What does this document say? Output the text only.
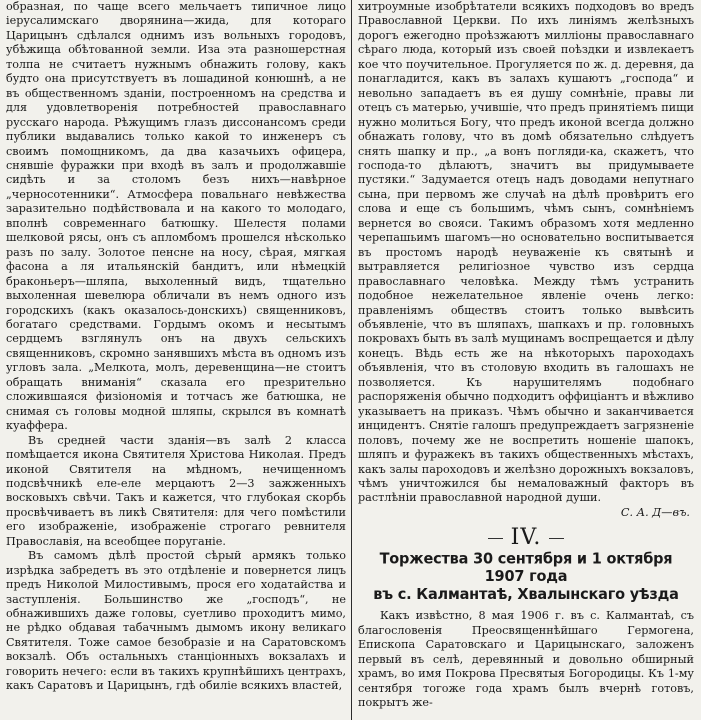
образная, по чаще всего мельчаетъ типичное лицо іерусалимскаго дворянина—жида, для котораго Царицынъ сдѣлался однимъ изъ вольныхъ городовъ, убѣжища обѣтованной земли. Иза эта разношерстная толпа не считаетъ нужнымъ обнажить голову, какъ будто она присутствуетъ въ лошадиной конюшнѣ, а не въ общественномъ зданіи, построенномъ на средства и для удовлетворенія потребностей православнаго русскаго народа. Рѣжущимъ глазъ диссонансомъ среди публики выдавались только какой то инженеръ съ своимъ помощникомъ, да два казачьихъ офицера, снявшіе фуражки при входѣ въ залъ и продолжавшіе сидѣть и за столомъ безъ нихъ—навѣрное „черносотенники“. Атмосфера повальнаго невѣжества заразительно подѣйствовала и на какого то молодаго, вполнѣ современнаго батюшку. Шелестя полами шелковой рясы, онъ съ апломбомъ прошелся нѣсколько разъ по залу. Золотое пенсне на носу, сѣрая, мягкая фасона а ля итальянскій бандитъ, или нѣмецкій браконьеръ—шляпа, выхоленный видъ, тщательно выхоленная шевелюра обличали въ немъ одного изъ городскихъ (какъ оказалось-донскихъ) священниковъ, богатаго средствами. Гордымъ окомъ и несытымъ сердцемъ взглянулъ онъ на двухъ сельскихъ священниковъ, скромно занявшихъ мѣста въ одномъ изъ угловъ зала. „Мелкота, молъ, деревенщина—не стоитъ обращать вниманія“ сказала его презрительно сложившаяся физіономія и тотчасъ же батюшка, не снимая съ головы модной шляпы, скрылся въ комнатѣ куаффера.

Въ средней части зданія—въ залѣ 2 класса помѣщается икона Святителя Христова Николая. Предъ иконой Святителя на мѣдномъ, нечищенномъ подсвѣчникѣ еле-еле мерцаютъ 2—3 зажженныхъ восковыхъ свѣчи. Такъ и кажется, что глубокая скорбь просвѣчиваетъ въ ликѣ Святителя: для чего помѣстили его изображеніе, изображеніе строгаго ревнителя Православія, на всеобщее поруганіе.

Въ самомъ дѣлѣ простой сѣрый армякъ только изрѣдка забредетъ въ это отдѣленіе и повернется лицъ предъ Николой Милостивымъ, прося его ходатайства и заступленія. Большинство же „господъ“, не обнажившихъ даже головы, суетливо проходитъ мимо, не рѣдко обдавая табачнымъ дымомъ икону великаго Святителя. Тоже самое безобразіе и на Саратовскомъ вокзалѣ. Объ остальныхъ станціонныхъ вокзалахъ и говорить нечего: если въ такихъ крупнѣйшихъ центрахъ, какъ Саратовъ и Царицынъ, гдѣ обиліе всякихъ властей,

хитроумные изобрѣтатели всякихъ подходовъ во вредъ Православной Церкви. По ихъ линіямъ желѣзныхъ дорогъ ежегодно проѣзжаютъ милліоны православнаго сѣраго люда, который изъ своей поѣздки и извлекаетъ кое что поучительное. Прогуляется по ж. д. деревня, да понагладится, какъ въ залахъ кушаютъ „господа“ и невольно западаетъ въ ея душу сомнѣніе, правы ли отецъ съ матерью, учившіе, что предъ принятіемъ пищи нужно молиться Богу, что предъ иконой всегда должно обнажать голову, что въ домѣ обязательно слѣдуетъ снять шапку и пр., „а вонъ погляди-ка, скажетъ, что господа-то дѣлаютъ, значитъ вы придумываете пустяки.“ Задумается отецъ надъ доводами непутнаго сына, при первомъ же случаѣ на дѣлѣ провѣритъ его слова и еще съ большимъ, чѣмъ сынъ, сомнѣніемъ вернется во свояси. Такимъ образомъ хотя медленно черепашьимъ шагомъ—но основательно воспитывается въ простомъ народѣ неуваженіе къ святынѣ и вытравляется религіозное чувство изъ сердца православнаго человѣка. Между тѣмъ устранить подобное нежелательное явленіе очень легко: правленіямъ обществъ стоитъ только вывѣсить объявленіе, что въ шляпахъ, шапкахъ и пр. головныхъ покровахъ быть въ залѣ мущинамъ воспрещается и дѣлу конецъ. Вѣдь есть же на нѣкоторыхъ пароходахъ объявленія, что въ столовую входить въ галошахъ не позволяется. Къ нарушителямъ подобнаго распоряженія обычно подходитъ оффиціантъ и вѣжливо указываетъ на приказъ. Чѣмъ обычно и заканчивается инцидентъ. Снятіе галошъ предупреждаетъ загрязненіе половъ, почему же не воспретить ношеніе шапокъ, шляпъ и фуражекъ въ такихъ общественныхъ мѣстахъ, какъ залы пароходовъ и желѣзно дорожныхъ вокзаловъ, чѣмъ уничтожился бы немаловажный факторъ въ растлѣніи православной народной души.

С. А. Д—въ.

IV.
Торжества 30 сентября и 1 октября 1907 года
въ с. Калмантаѣ, Хвалынскаго уѣзда

Какъ извѣстно, 8 мая 1906 г. въ с. Калмантаѣ, съ благословенія Преосвященнѣйшаго Гермогена, Епископа Саратовскаго и Царицынскаго, заложенъ первый въ селѣ, деревянный и довольно обширный храмъ, во имя Покрова Пресвятыя Богородицы. Къ 1-му сентября тогоже года храмъ былъ вчернѣ готовъ, покрытъ же-
